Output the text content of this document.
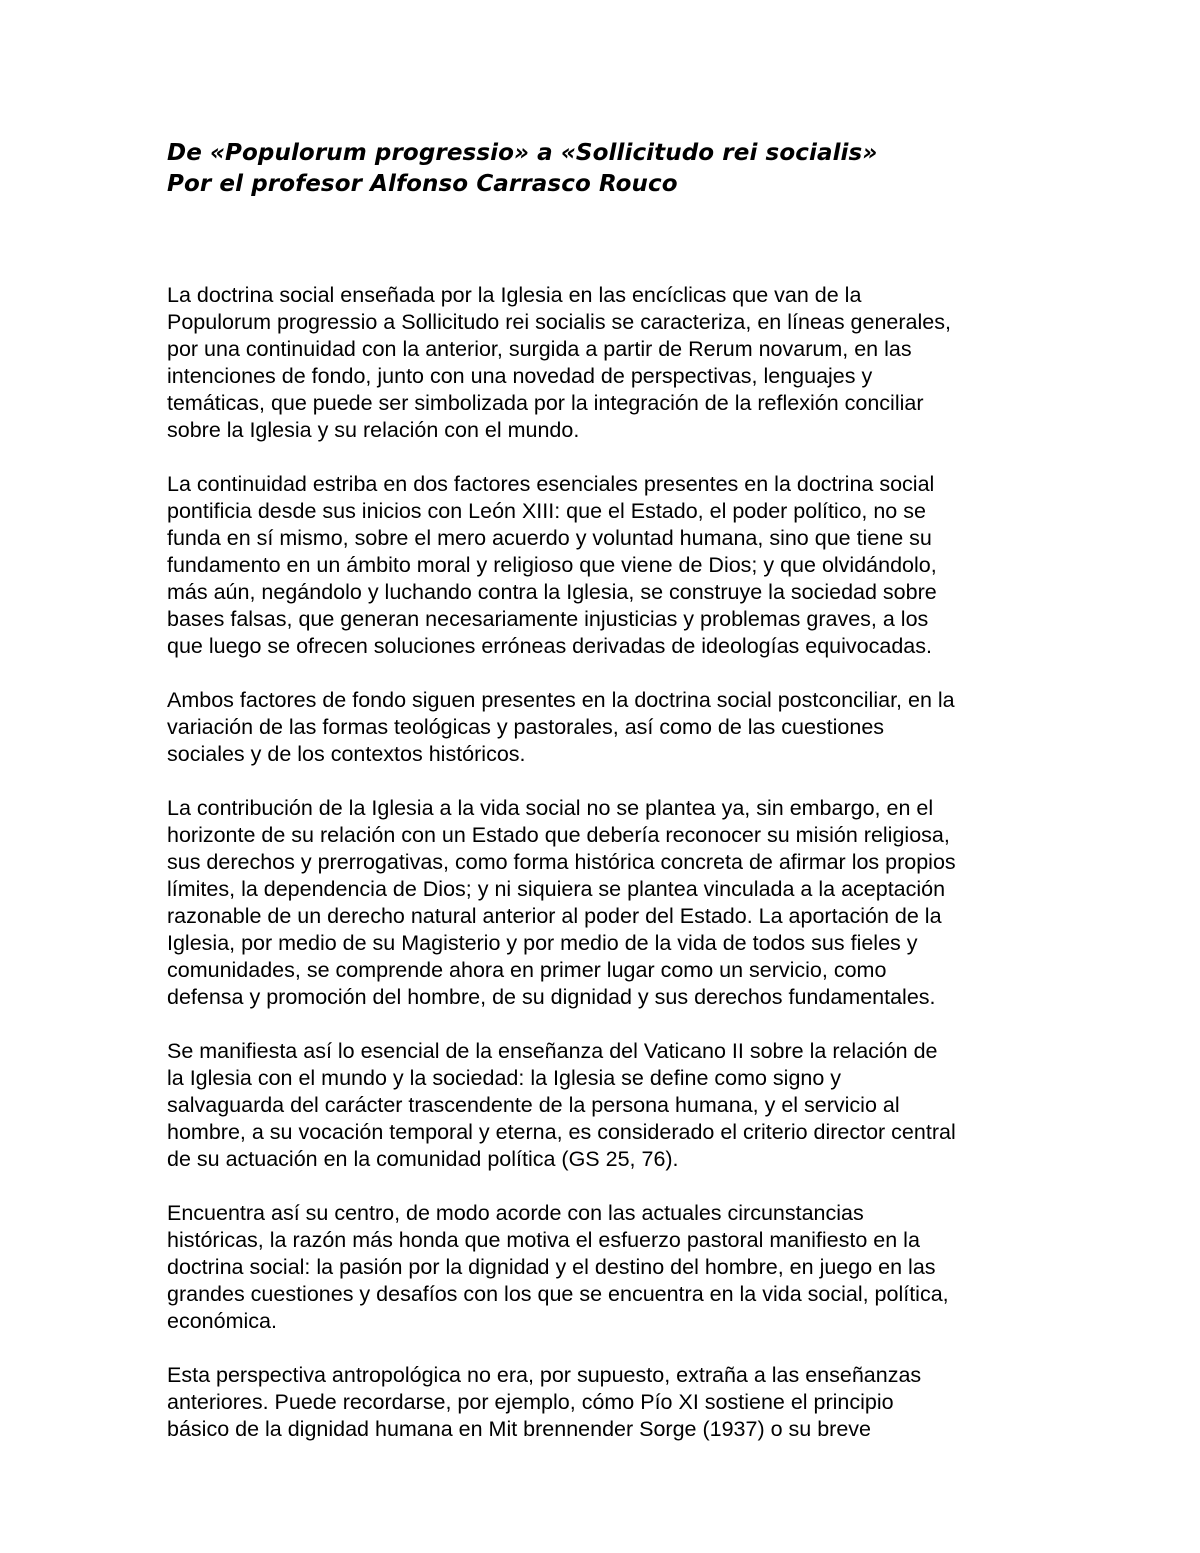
De «Populorum progressio» a «Sollicitudo rei socialis»
Por el profesor Alfonso Carrasco Rouco
La doctrina social enseñada por la Iglesia en las encíclicas que van de la
Populorum progressio a Sollicitudo rei socialis se caracteriza, en líneas generales,
por una continuidad con la anterior, surgida a partir de Rerum novarum, en las
intenciones de fondo, junto con una novedad de perspectivas, lenguajes y
temáticas, que puede ser simbolizada por la integración de la reflexión conciliar
sobre la Iglesia y su relación con el mundo.
La continuidad estriba en dos factores esenciales presentes en la doctrina social
pontificia desde sus inicios con León XIII: que el Estado, el poder político, no se
funda en sí mismo, sobre el mero acuerdo y voluntad humana, sino que tiene su
fundamento en un ámbito moral y religioso que viene de Dios; y que olvidándolo,
más aún, negándolo y luchando contra la Iglesia, se construye la sociedad sobre
bases falsas, que generan necesariamente injusticias y problemas graves, a los
que luego se ofrecen soluciones erróneas derivadas de ideologías equivocadas.
Ambos factores de fondo siguen presentes en la doctrina social postconciliar, en la
variación de las formas teológicas y pastorales, así como de las cuestiones
sociales y de los contextos históricos.
La contribución de la Iglesia a la vida social no se plantea ya, sin embargo, en el
horizonte de su relación con un Estado que debería reconocer su misión religiosa,
sus derechos y prerrogativas, como forma histórica concreta de afirmar los propios
límites, la dependencia de Dios; y ni siquiera se plantea vinculada a la aceptación
razonable de un derecho natural anterior al poder del Estado. La aportación de la
Iglesia, por medio de su Magisterio y por medio de la vida de todos sus fieles y
comunidades, se comprende ahora en primer lugar como un servicio, como
defensa y promoción del hombre, de su dignidad y sus derechos fundamentales.
Se manifiesta así lo esencial de la enseñanza del Vaticano II sobre la relación de
la Iglesia con el mundo y la sociedad: la Iglesia se define como signo y
salvaguarda del carácter trascendente de la persona humana, y el servicio al
hombre, a su vocación temporal y eterna, es considerado el criterio director central
de su actuación en la comunidad política (GS 25, 76).
Encuentra así su centro, de modo acorde con las actuales circunstancias
históricas, la razón más honda que motiva el esfuerzo pastoral manifiesto en la
doctrina social: la pasión por la dignidad y el destino del hombre, en juego en las
grandes cuestiones y desafíos con los que se encuentra en la vida social, política,
económica.
Esta perspectiva antropológica no era, por supuesto, extraña a las enseñanzas
anteriores. Puede recordarse, por ejemplo, cómo Pío XI sostiene el principio
básico de la dignidad humana en Mit brennender Sorge (1937) o su breve
